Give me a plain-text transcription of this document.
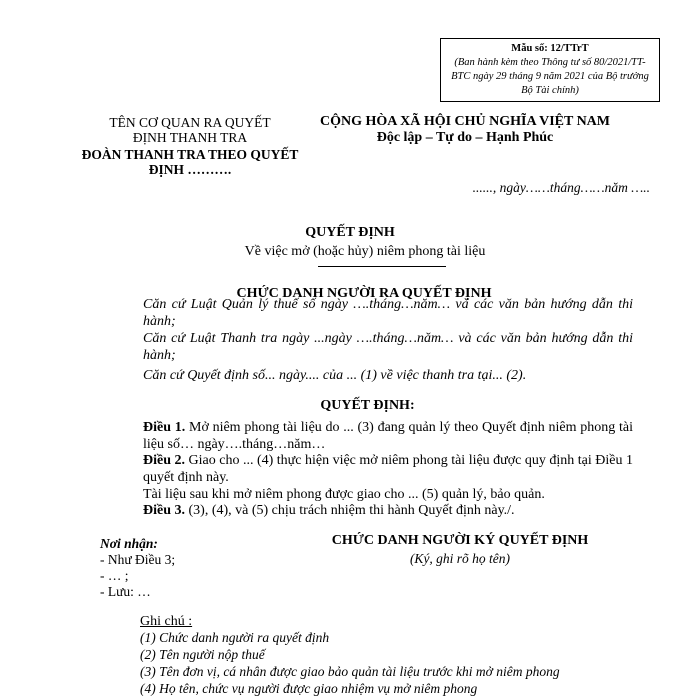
Mẫu số: 12/TTrT
(Ban hành kèm theo Thông tư số 80/2021/TT-BTC ngày 29 tháng 9 năm 2021 của Bộ trưởng Bộ Tài chính)
TÊN CƠ QUAN RA QUYẾT ĐỊNH THANH TRA
ĐOÀN THANH TRA THEO QUYẾT ĐỊNH ……….
CỘNG HÒA XÃ HỘI CHỦ NGHĨA VIỆT NAM
Độc lập – Tự do – Hạnh Phúc
......, ngày……tháng……năm …..
QUYẾT ĐỊNH
Về việc mở (hoặc hủy) niêm phong tài liệu
CHỨC DANH NGƯỜI RA QUYẾT ĐỊNH
Căn cứ Luật Quản lý thuế số ngày ….tháng…năm… và các văn bản hướng dẫn thi hành;
Căn cứ Luật Thanh tra ngày ...ngày ….tháng…năm… và các văn bản hướng dẫn thi hành;
Căn cứ Quyết định số... ngày.... của ... (1) về việc thanh tra tại... (2).
QUYẾT ĐỊNH:
Điều 1. Mở niêm phong tài liệu do ... (3) đang quản lý theo Quyết định niêm phong tài liệu số… ngày….tháng…năm…
Điều 2. Giao cho ... (4) thực hiện việc mở niêm phong tài liệu được quy định tại Điều 1 quyết định này.
Tài liệu sau khi mở niêm phong được giao cho ... (5) quản lý, bảo quản.
Điều 3. (3), (4), và (5) chịu trách nhiệm thi hành Quyết định này./.
Nơi nhận:
- Như Điều 3;
- … ;
- Lưu: …
CHỨC DANH NGƯỜI KÝ QUYẾT ĐỊNH
(Ký, ghi rõ họ tên)
Ghi chú :
(1) Chức danh người ra quyết định
(2) Tên người nộp thuế
(3) Tên đơn vị, cá nhân được giao bảo quản tài liệu trước khi mở niêm phong
(4) Họ tên, chức vụ người được giao nhiệm vụ mở niêm phong
